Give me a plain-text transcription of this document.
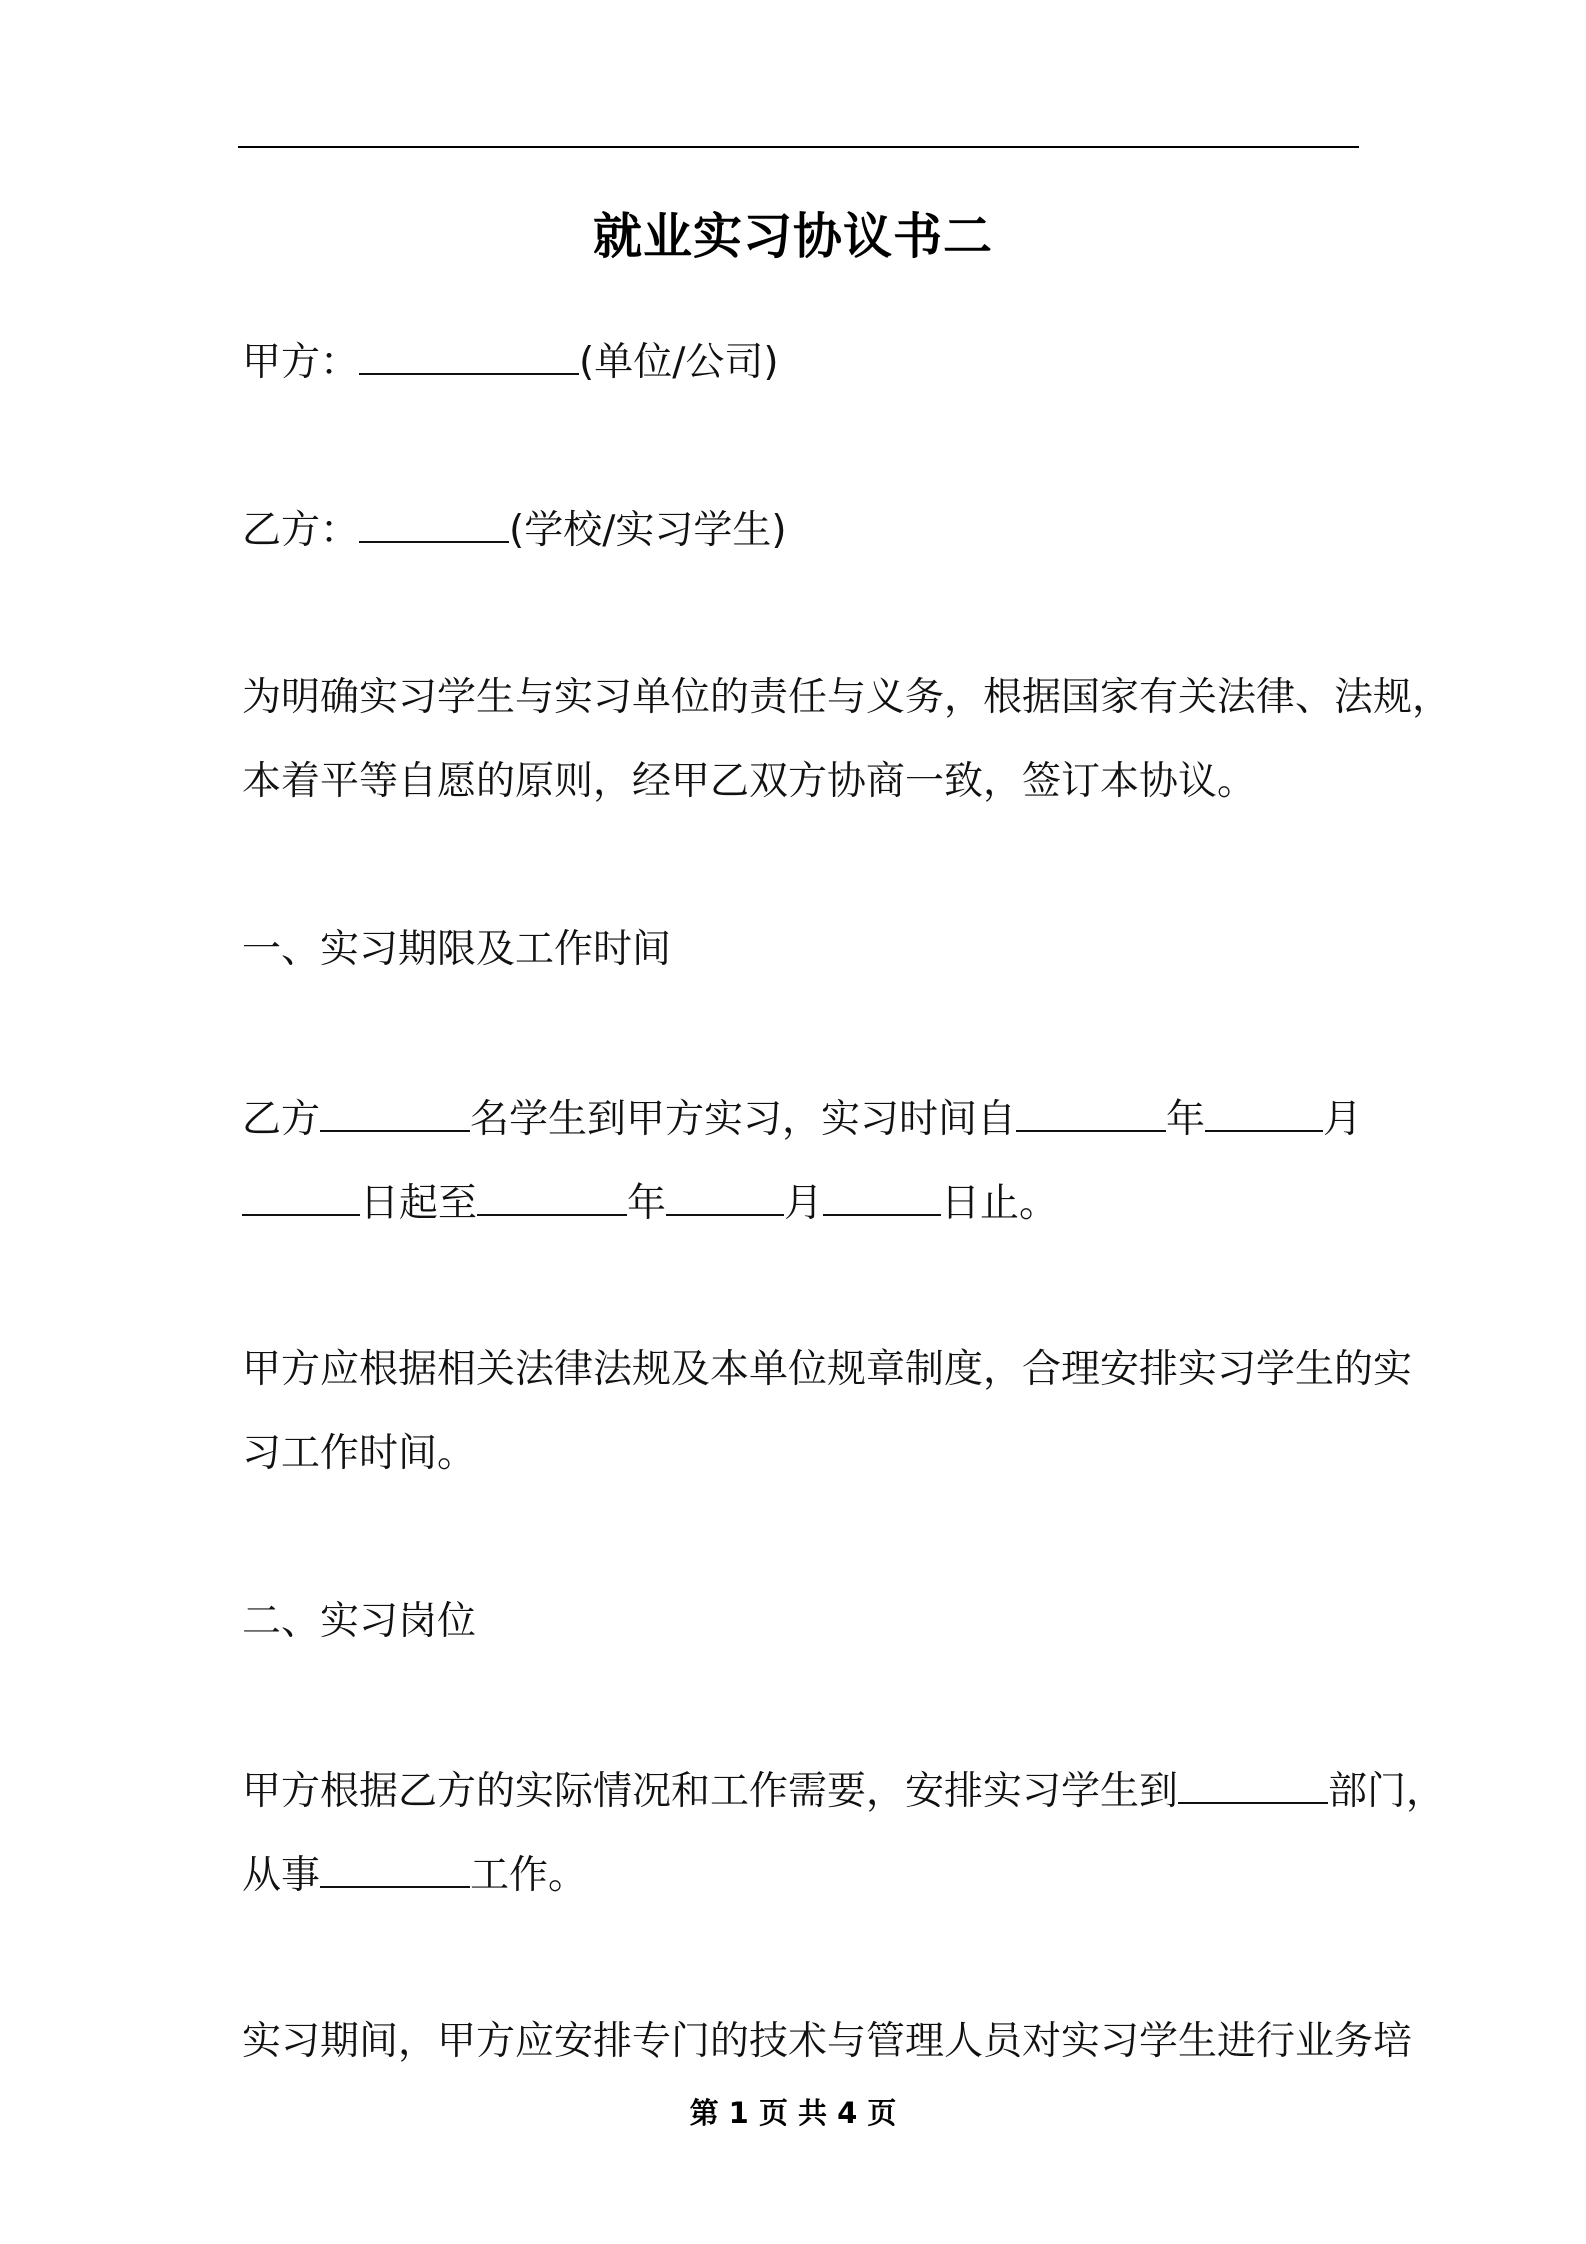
就业实习协议书二
甲方：	(单位/公司)
乙方：	(学校/实习学生)
为明确实习学生与实习单位的责任与义务，根据国家有关法律、法规，
本着平等自愿的原则，经甲乙双方协商一致，签订本协议。
一、实习期限及工作时间
乙方	名学生到甲方实习，实习时间自	年	月
日起至	年	月	日止。
甲方应根据相关法律法规及本单位规章制度，合理安排实习学生的实
习工作时间。
二、实习岗位
甲方根据乙方的实际情况和工作需要，安排实习学生到	部门，
从事	工作。
实习期间，甲方应安排专门的技术与管理人员对实习学生进行业务培
第 1 页 共 4 页
